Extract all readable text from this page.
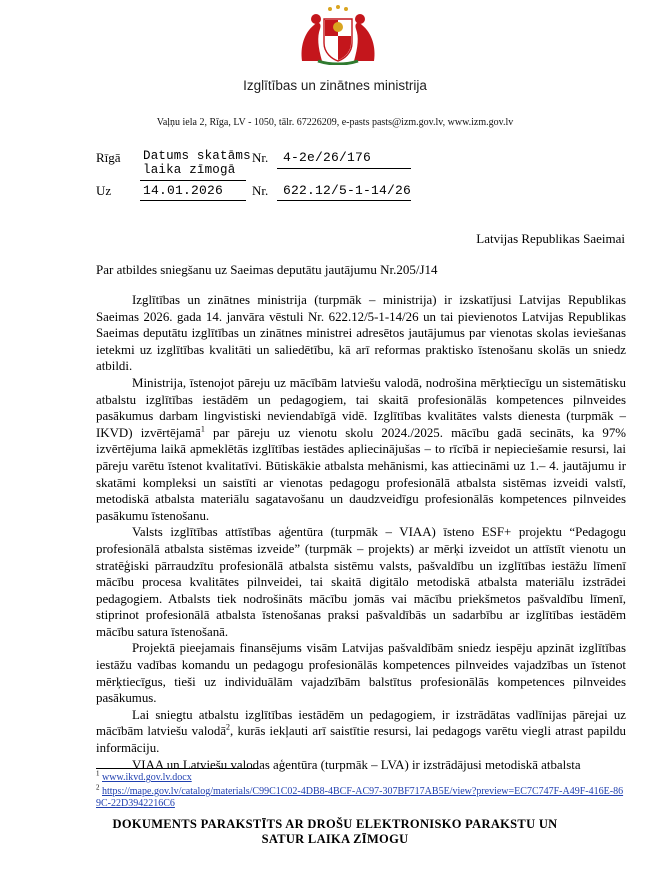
Izglītības un zinātnes ministrija
Vaļņu iela 2, Rīga, LV - 1050, tālr. 67226209, e-pasts pasts@izm.gov.lv, www.izm.gov.lv
Rīgā Datums skatāms
laika zīmogā
Nr. 4-2e/26/176
Uz 14.01.2026 Nr. 622.12/5-1-14/26
Latvijas Republikas Saeimai
Par atbildes sniegšanu uz Saeimas deputātu jautājumu Nr.205/J14

Izglītības un zinātnes ministrija (turpmāk – ministrija) ir izskatījusi Latvijas Republikas Saeimas 2026. gada 14. janvāra vēstuli Nr. 622.12/5-1-14/26 un tai pievienotos Latvijas Republikas Saeimas deputātu izglītības un zinātnes ministrei adresētos jautājumus par vienotas skolas ieviešanas ietekmi uz izglītības kvalitāti un saliedētību, kā arī reformas praktisko īstenošanu skolās un sniedz atbildi.

Ministrija, īstenojot pāreju uz mācībām latviešu valodā, nodrošina mērķtiecīgu un sistemātisku atbalstu izglītības iestādēm un pedagogiem, tai skaitā profesionālās kompetences pilnveides pasākumus darbam lingvistiski neviendabīgā vidē. Izglītības kvalitātes valsts dienesta (turpmāk – IKVD) izvērtējamā$^1$ par pāreju uz vienotu skolu 2024./2025. mācību gadā secināts, ka 97% izvērtējuma laikā apmeklētās izglītības iestādes apliecinājušas – to rīcībā ir nepieciešamie resursi, lai pāreju varētu īstenot kvalitatīvi. Būtiskākie atbalsta mehānismi, kas attiecināmi uz 1.– 4. jautājumu ir skatāmi kompleksi un saistīti ar vienotas pedagogu profesionālā atbalsta sistēmas izveidi valstī, metodiskā atbalsta materiālu sagatavošanu un daudzveidīgu profesionālās kompetences pilnveides pasākumu īstenošanu.

Valsts izglītības attīstības aģentūra (turpmāk – VIAA) īsteno ESF+ projektu “Pedagogu profesionālā atbalsta sistēmas izveide” (turpmāk – projekts) ar mērķi izveidot un attīstīt vienotu un stratēģiski pārraudzītu profesionālā atbalsta sistēmu valsts, pašvaldību un izglītības iestāžu līmenī mācību procesa kvalitātes pilnveidei, tai skaitā digitālo metodiskā atbalsta materiālu izstrādei pedagogiem. Atbalsts tiek nodrošināts mācību jomās vai mācību priekšmetos pašvaldību līmenī, stiprinot profesionālā atbalsta īstenošanas praksi pašvaldībās un sadarbību ar izglītības iestādēm mācību satura īstenošanā.

Projektā pieejamais finansējums visām Latvijas pašvaldībām sniedz iespēju apzināt izglītības iestāžu vadības komandu un pedagogu profesionālās kompetences pilnveides vajadzības un īstenot mērķtiecīgus, tieši uz individuālām vajadzībām balstītus profesionālās kompetences pilnveides pasākumus.

Lai sniegtu atbalstu izglītības iestādēm un pedagogiem, ir izstrādātas vadlīnijas pārejai uz mācībām latviešu valodā$^2$, kurās iekļauti arī saistītie resursi, lai pedagogs varētu viegli atrast papildu informāciju.

VIAA un Latviešu valodas aģentūra (turpmāk – LVA) ir izstrādājusi metodiskā atbalsta

$^1$ www.ikvd.gov.lv.docx
$^2$ https://mape.gov.lv/catalog/materials/C99C1C02-4DB8-4BCF-AC97-307BF717AB5E/view?preview=EC7C747F-A49F-416E-869C-22D3942216C6
DOKUMENTS PARAKSTĪTS AR DROŠU ELEKTRONISKO PARAKSTU UN
SATUR LAIKA ZĪMOGU
